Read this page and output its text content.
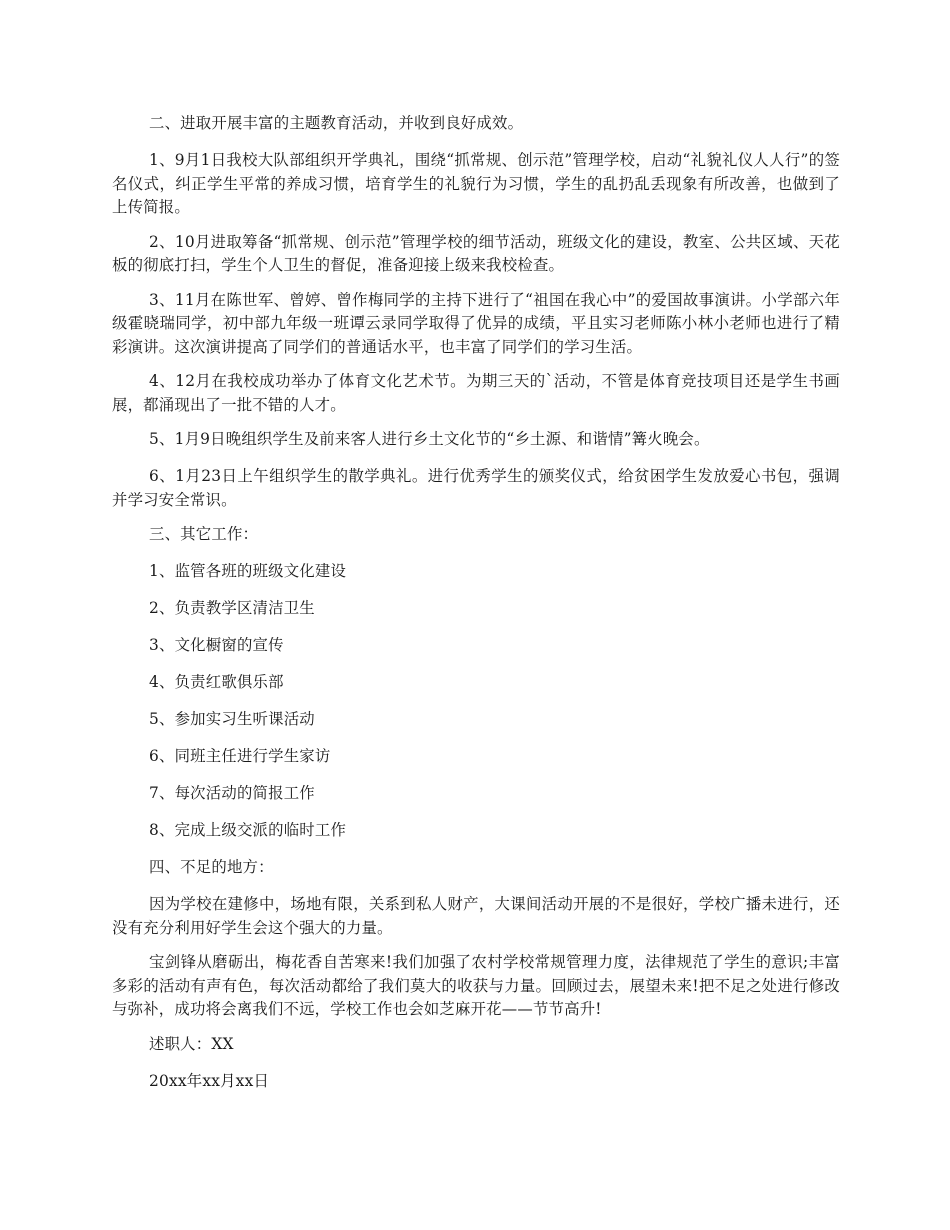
二、进取开展丰富的主题教育活动，并收到良好成效。

1、9月1日我校大队部组织开学典礼，围绕“抓常规、创示范”管理学校，启动“礼貌礼仪人人行”的签名仪式，纠正学生平常的养成习惯，培育学生的礼貌行为习惯，学生的乱扔乱丢现象有所改善，也做到了上传简报。

2、10月进取筹备“抓常规、创示范”管理学校的细节活动，班级文化的建设，教室、公共区域、天花板的彻底打扫，学生个人卫生的督促，准备迎接上级来我校检查。

3、11月在陈世军、曾婷、曾作梅同学的主持下进行了“祖国在我心中”的爱国故事演讲。小学部六年级霍晓瑞同学，初中部九年级一班谭云录同学取得了优异的成绩，平且实习老师陈小林小老师也进行了精彩演讲。这次演讲提高了同学们的普通话水平，也丰富了同学们的学习生活。

4、12月在我校成功举办了体育文化艺术节。为期三天的`活动，不管是体育竞技项目还是学生书画展，都涌现出了一批不错的人才。

5、1月9日晚组织学生及前来客人进行乡土文化节的“乡土源、和谐情”篝火晚会。

6、1月23日上午组织学生的散学典礼。进行优秀学生的颁奖仪式，给贫困学生发放爱心书包，强调并学习安全常识。

三、其它工作：

1、监管各班的班级文化建设

2、负责教学区清洁卫生

3、文化橱窗的宣传

4、负责红歌俱乐部

5、参加实习生听课活动

6、同班主任进行学生家访

7、每次活动的简报工作

8、完成上级交派的临时工作

四、不足的地方：

因为学校在建修中，场地有限，关系到私人财产，大课间活动开展的不是很好，学校广播未进行，还没有充分利用好学生会这个强大的力量。

宝剑锋从磨砺出，梅花香自苦寒来!我们加强了农村学校常规管理力度，法律规范了学生的意识;丰富多彩的活动有声有色，每次活动都给了我们莫大的收获与力量。回顾过去，展望未来!把不足之处进行修改与弥补，成功将会离我们不远，学校工作也会如芝麻开花——节节高升!

述职人：XX

20xx年xx月xx日
